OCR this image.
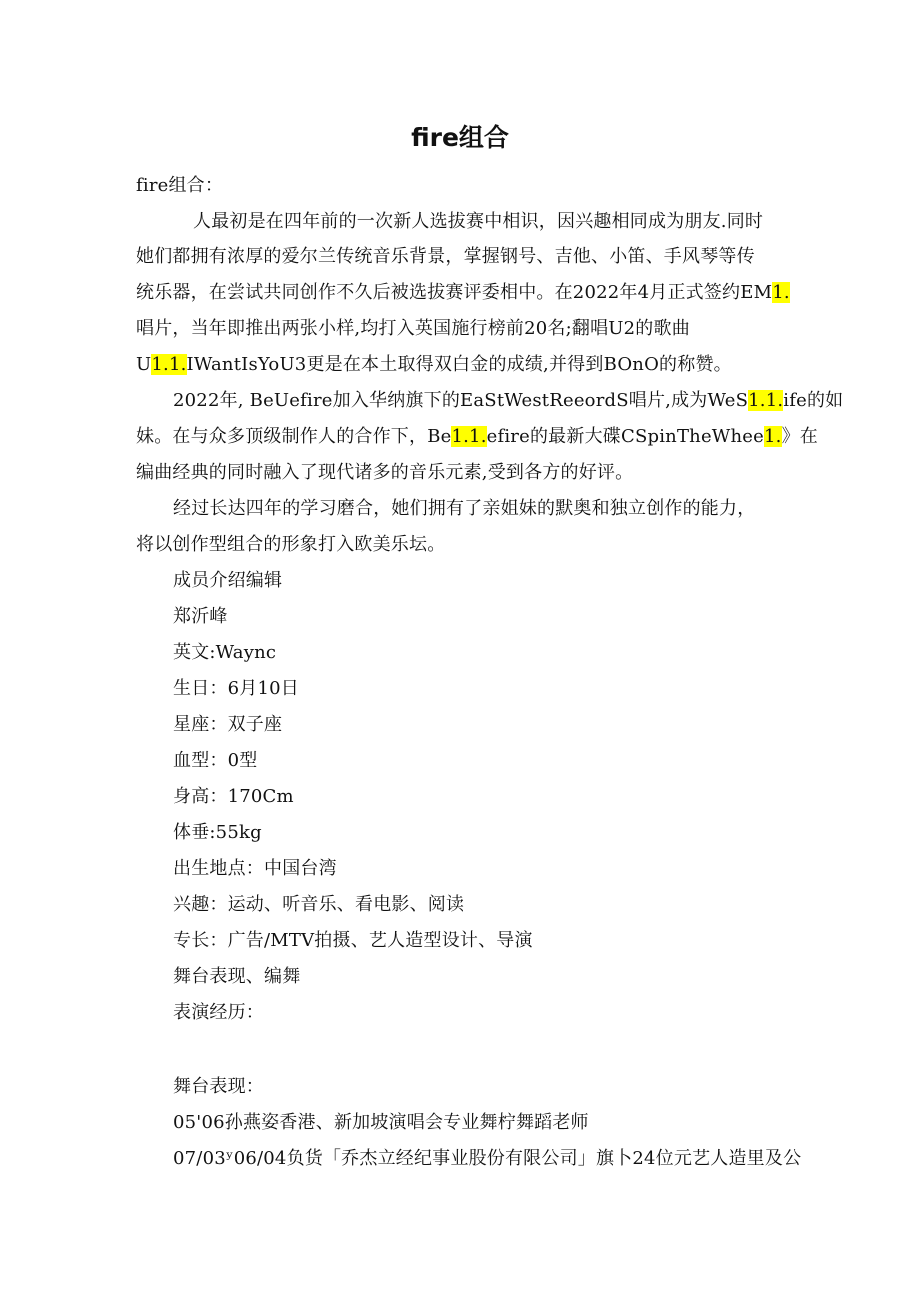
fire组合
fire组合：
人最初是在四年前的一次新人选拔赛中相识，因兴趣相同成为朋友.同时
她们都拥有浓厚的爱尔兰传统音乐背景，掌握钢号、吉他、小笛、手风琴等传
统乐器，在尝试共同创作不久后被选拔赛评委相中。在2022年4月正式签约EM1.
唱片，当年即推出两张小样,均打入英国施行榜前20名;翻唱U2的歌曲
U1.1.IWantIsYoU3更是在本土取得双白金的成绩,并得到BOnO的称赞。
2022年, BeUefire加入华纳旗下的EaStWestReeordS唱片,成为WeS1.1.ife的如
妹。在与众多顶级制作人的合作下，Be1.1.efire的最新大碟CSpinTheWhee1.》在
编曲经典的同时融入了现代诸多的音乐元素,受到各方的好评。
经过长达四年的学习磨合，她们拥有了亲姐妹的默奥和独立创作的能力，
将以创作型组合的形象打入欧美乐坛。
成员介绍编辑
郑沂峰
英文:Waync
生日：6月10日
星座：双子座
血型：0型
身高：170Cm
体垂:55kg
出生地点：中国台湾
兴趣：运动、听音乐、看电影、阅读
专长：广告/MTV拍摄、艺人造型设计、导演
舞台表现、编舞
表演经历：
舞台表现：
05'06孙燕姿香港、新加坡演唱会专业舞柠舞蹈老师
07/03ʸ06/04负货「乔杰立经纪事业股份有限公司」旗卜24位元艺人造里及公
